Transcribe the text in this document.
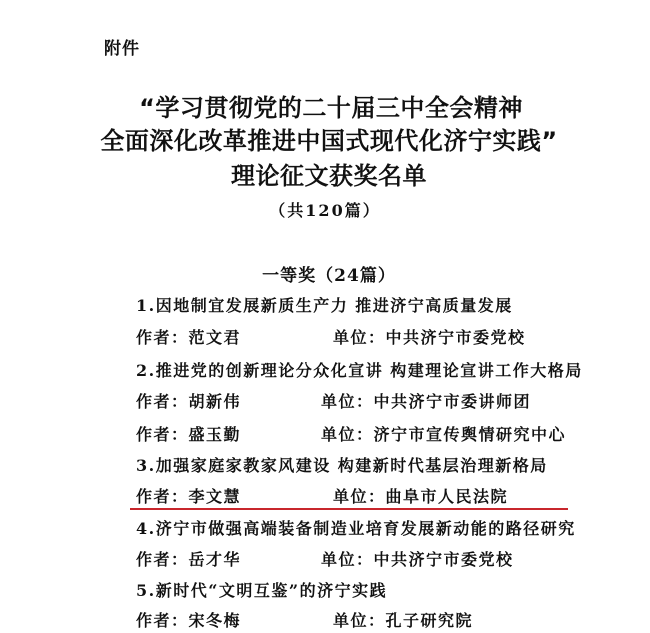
附件
“学习贯彻党的二十届三中全会精神
全面深化改革推进中国式现代化济宁实践”
理论征文获奖名单
（共120篇）
一等奖（24篇）
1.因地制宜发展新质生产力 推进济宁高质量发展
作者：范文君	单位：中共济宁市委党校
2.推进党的创新理论分众化宣讲 构建理论宣讲工作大格局
作者：胡新伟	单位：中共济宁市委讲师团
作者：盛玉勤	单位：济宁市宣传舆情研究中心
3.加强家庭家教家风建设 构建新时代基层治理新格局
作者：李文慧	单位：曲阜市人民法院
4.济宁市做强高端装备制造业培育发展新动能的路径研究
作者：岳才华	单位：中共济宁市委党校
5.新时代“文明互鉴”的济宁实践
作者：宋冬梅	单位：孔子研究院
